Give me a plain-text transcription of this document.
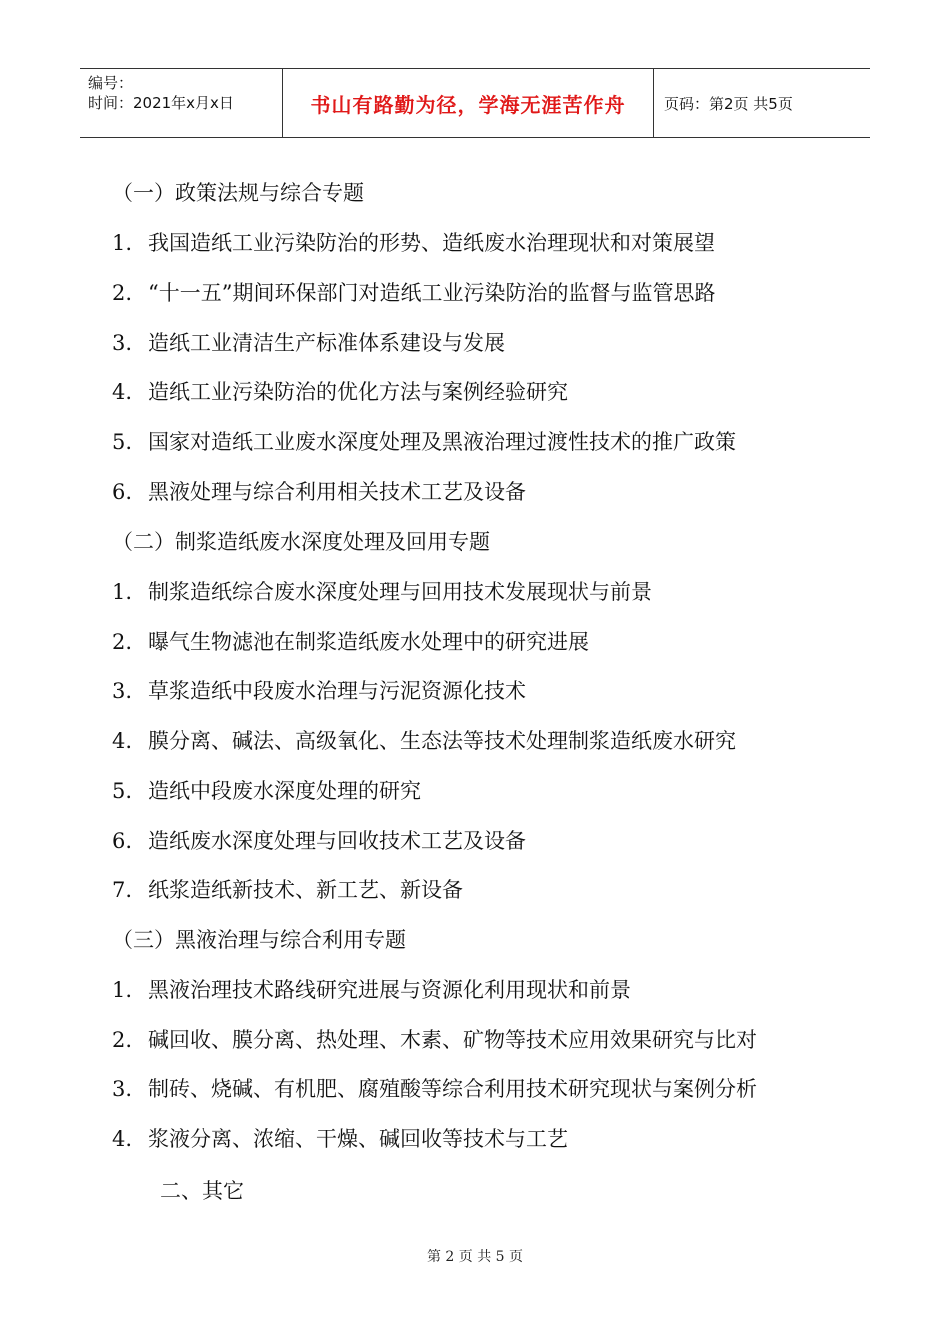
编号：
时间：2021年x月x日	书山有路勤为径，学海无涯苦作舟	页码：第2页 共5页
（一）政策法规与综合专题
1. 我国造纸工业污染防治的形势、造纸废水治理现状和对策展望
2. “十一五”期间环保部门对造纸工业污染防治的监督与监管思路
3. 造纸工业清洁生产标准体系建设与发展
4. 造纸工业污染防治的优化方法与案例经验研究
5. 国家对造纸工业废水深度处理及黑液治理过渡性技术的推广政策
6. 黑液处理与综合利用相关技术工艺及设备
（二）制浆造纸废水深度处理及回用专题
1. 制浆造纸综合废水深度处理与回用技术发展现状与前景
2. 曝气生物滤池在制浆造纸废水处理中的研究进展
3. 草浆造纸中段废水治理与污泥资源化技术
4. 膜分离、碱法、高级氧化、生态法等技术处理制浆造纸废水研究
5. 造纸中段废水深度处理的研究
6. 造纸废水深度处理与回收技术工艺及设备
7. 纸浆造纸新技术、新工艺、新设备
（三）黑液治理与综合利用专题
1. 黑液治理技术路线研究进展与资源化利用现状和前景
2. 碱回收、膜分离、热处理、木素、矿物等技术应用效果研究与比对
3. 制砖、烧碱、有机肥、腐殖酸等综合利用技术研究现状与案例分析
4. 浆液分离、浓缩、干燥、碱回收等技术与工艺
二、其它
第 2 页 共 5 页
